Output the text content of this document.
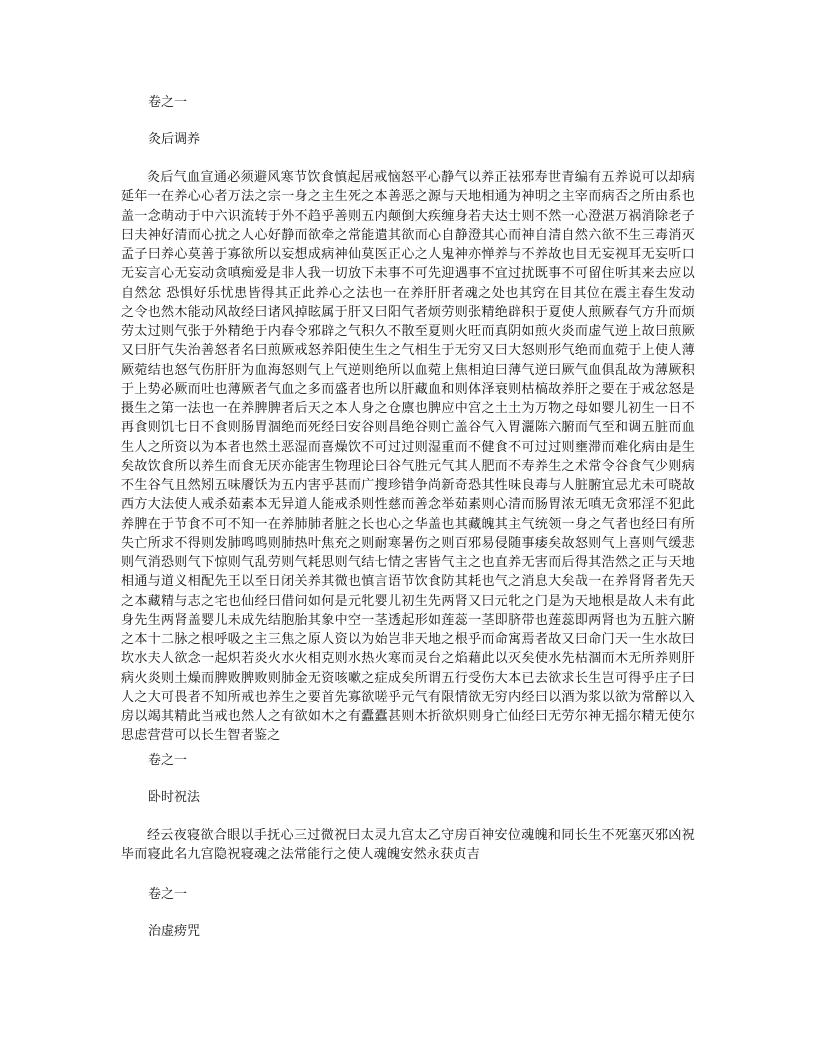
卷之一
灸后调养

灸后气血宣通必须避风寒节饮食慎起居戒恼怒平心静气以养正祛邪寿世青编有五养说可以却病延年一在养心心者万法之宗一身之主生死之本善恶之源与天地相通为神明之主宰而病否之所由系也盖一念萌动于中六识流转于外不趋乎善则五内颠倒大疾缠身若夫达士则不然一心澄湛万祸消除老子曰夫神好清而心扰之人心好静而欲牵之常能遣其欲而心自静澄其心而神自清自然六欲不生三毒消灭孟子曰养心莫善于寡欲所以妄想成病神仙莫医正心之人鬼神亦惮养与不养故也目无妄视耳无妄听口无妄言心无妄动贪嗔痴爱是非人我一切放下未事不可先迎遇事不宜过扰既事不可留住听其来去应以自然忿 恐惧好乐忧患皆得其正此养心之法也一在养肝肝者魂之处也其窍在目其位在震主春生发动之令也然木能动风故经曰诸风掉眩属于肝又曰阳气者烦劳则张精绝辟积于夏使人煎厥春气方升而烦劳太过则气张于外精绝于内春令邪辟之气积久不散至夏则火旺而真阴如煎火炎而虚气逆上故曰煎厥又曰肝气失治善怒者名曰煎厥戒怒养阳使生生之气相生于无穷又曰大怒则形气绝而血菀于上使人薄厥菀结也怒气伤肝肝为血海怒则气上气逆则绝所以血菀上焦相迫曰薄气逆曰厥气血俱乱故为薄厥积于上势必厥而吐也薄厥者气血之多而盛者也所以肝藏血和则体泽衰则枯槁故养肝之要在于戒忿怒是摄生之第一法也一在养脾脾者后天之本人身之仓廪也脾应中宫之土土为万物之母如婴儿初生一日不再食则饥七日不食则肠胃涸绝而死经曰安谷则昌绝谷则亡盖谷气入胃灑陈六腑而气至和调五脏而血生人之所资以为本者也然土恶湿而喜燥饮不可过过则湿重而不健食不可过过则壅滞而难化病由是生矣故饮食所以养生而食无厌亦能害生物理论曰谷气胜元气其人肥而不寿养生之术常令谷食气少则病不生谷气且然矧五味餍饫为五内害乎甚而广搜珍错争尚新奇恐其性味良毒与人脏腑宜忌尤未可晓故西方大法使人戒杀茹素本无异道人能戒杀则性慈而善念举茹素则心清而肠胃浓无嗔无贪邪淫不犯此养脾在于节食不可不知一在养肺肺者脏之长也心之华盖也其藏魄其主气统领一身之气者也经曰有所失亡所求不得则发肺鸣鸣则肺热叶焦充之则耐寒暑伤之则百邪易侵随事痿矣故怒则气上喜则气缓悲则气消恐则气下惊则气乱劳则气耗思则气结七情之害皆气主之也直养无害而后得其浩然之正与天地相通与道义相配先王以至日闭关养其微也慎言语节饮食防其耗也气之消息大矣哉一在养肾肾者先天之本藏精与志之宅也仙经曰借问如何是元牝婴儿初生先两肾又曰元牝之门是为天地根是故人未有此身先生两肾盖婴儿未成先结胞胎其象中空一茎透起形如莲蕊一茎即脐带也莲蕊即两肾也为五脏六腑之本十二脉之根呼吸之主三焦之原人资以为始岂非天地之根乎而命寓焉者故又曰命门天一生水故曰坎水夫人欲念一起炽若炎火水火相克则水热火寒而灵台之焰藉此以灭矣使水先枯涸而木无所养则肝病火炎则土燥而脾败脾败则肺金无资咳嗽之症成矣所谓五行受伤大本已去欲求长生岂可得乎庄子曰人之大可畏者不知所戒也养生之要首先寡欲嗟乎元气有限情欲无穷内经曰以酒为浆以欲为常醉以入房以竭其精此当戒也然人之有欲如木之有蠹蠹甚则木折欲炽则身亡仙经曰无劳尔神无摇尔精无使尔思虑营营可以长生智者鉴之

卷之一
卧时祝法

经云夜寝欲合眼以手抚心三过微祝曰太灵九宫太乙守房百神安位魂魄和同长生不死塞灭邪凶祝毕而寝此名九宫隐祝寝魂之法常能行之使人魂魄安然永获贞吉

卷之一
治虚痨咒
